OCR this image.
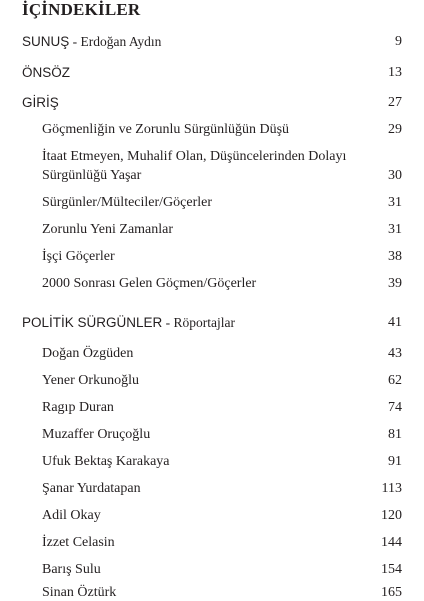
İÇİNDEKİLER
SUNUŞ - Erdoğan Aydın	9
ÖNSÖZ	13
GİRİŞ	27
Göçmenliğin ve Zorunlu Sürgünlüğün Düşü	29
İtaat Etmeyen, Muhalif Olan, Düşüncelerinden Dolayı
Sürgünlüğü Yaşar	30
Sürgünler/Mülteciler/Göçerler	31
Zorunlu Yeni Zamanlar	31
İşçi Göçerler	38
2000 Sonrası Gelen Göçmen/Göçerler	39
POLİTİK SÜRGÜNLER - Röportajlar	41
Doğan Özgüden	43
Yener Orkunoğlu	62
Ragıp Duran	74
Muzaffer Oruçoğlu	81
Ufuk Bektaş Karakaya	91
Şanar Yurdatapan	113
Adil Okay	120
İzzet Celasin	144
Barış Sulu	154
Sinan Öztürk	165
